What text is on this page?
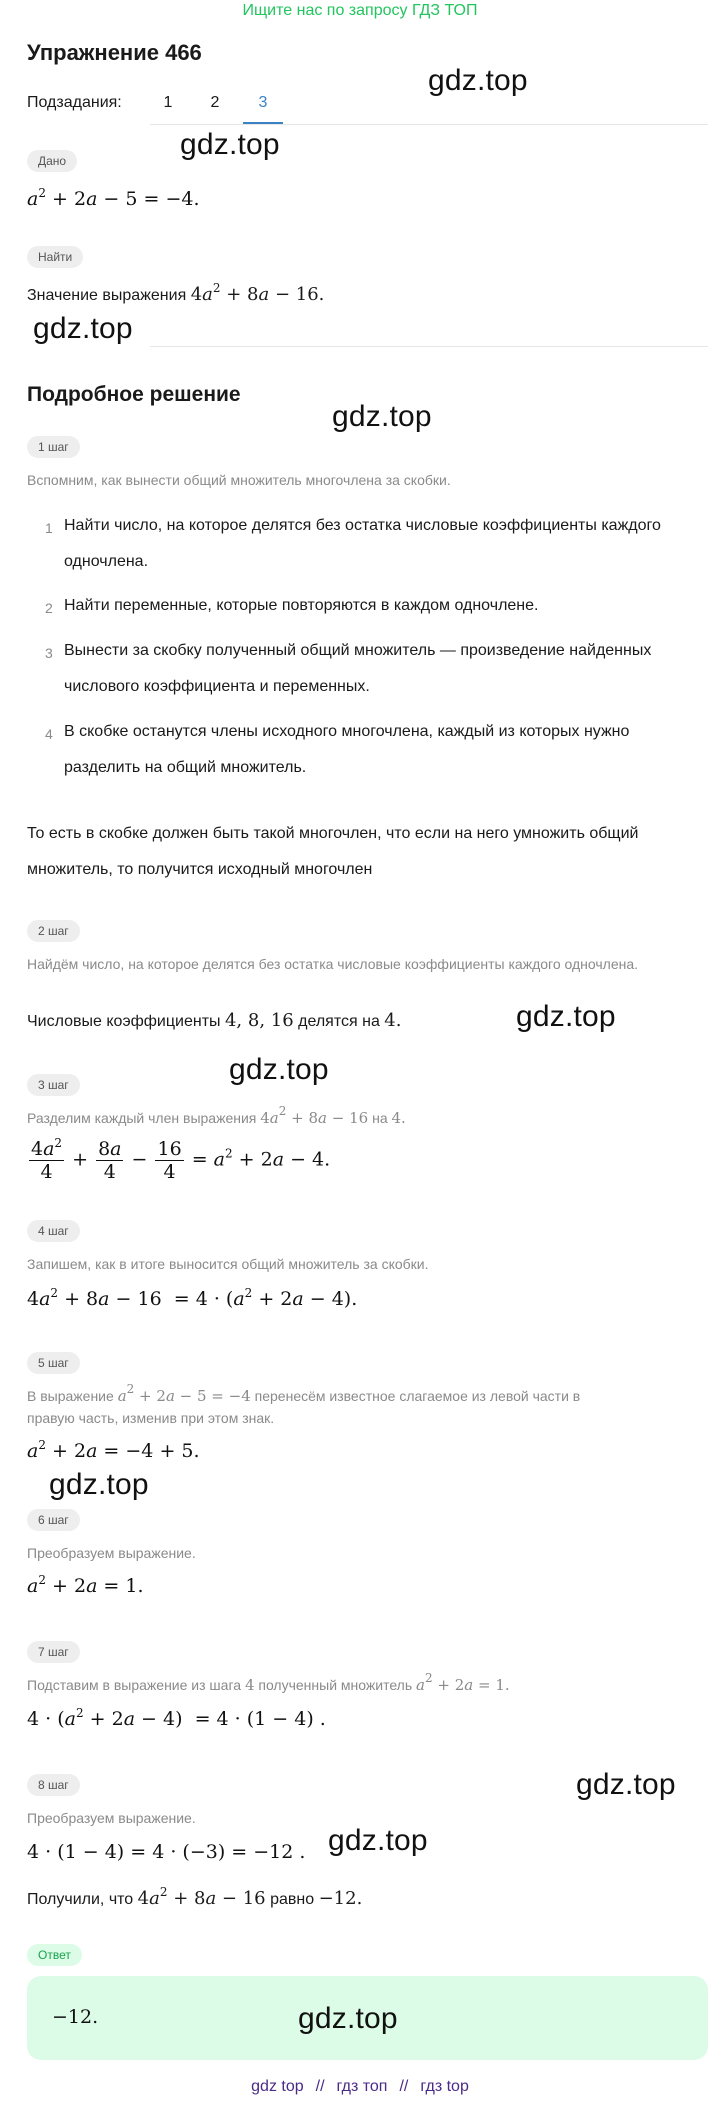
Ищите нас по запросу ГДЗ ТОП
Упражнение 466
Подзадания:	1	2	3
Дано
$a^2 + 2a - 5 = -4$.
Найти
Значение выражения $4a^2 + 8a - 16$.
Подробное решение
1 шаг
Вспомним, как вынести общий множитель многочлена за скобки.
1 Найти число, на которое делятся без остатка числовые коэффициенты каждого одночлена.
2 Найти переменные, которые повторяются в каждом одночлене.
3 Вынести за скобку полученный общий множитель — произведение найденных числового коэффициента и переменных.
4 В скобке останутся члены исходного многочлена, каждый из которых нужно разделить на общий множитель.
То есть в скобке должен быть такой многочлен, что если на него умножить общий множитель, то получится исходный многочлен
2 шаг
Найдём число, на которое делятся без остатка числовые коэффициенты каждого одночлена.
Числовые коэффициенты 4, 8, 16 делятся на 4.
3 шаг
Разделим каждый член выражения $4a^2 + 8a - 16$ на 4.
$\frac{4a^2}{4} + \frac{8a}{4} - \frac{16}{4} = a^2 + 2a - 4$.
4 шаг
Запишем, как в итоге выносится общий множитель за скобки.
$4a^2 + 8a - 16 = 4 \cdot (a^2 + 2a - 4)$.
5 шаг
В выражение $a^2 + 2a - 5 = -4$ перенесём известное слагаемое из левой части в
правую часть, изменив при этом знак.
$a^2 + 2a = -4 + 5$.
6 шаг
Преобразуем выражение.
$a^2 + 2a = 1$.
7 шаг
Подставим в выражение из шага 4 полученный множитель $a^2 + 2a = 1$.
$4 \cdot (a^2 + 2a - 4) = 4 \cdot (1 - 4)$ .
8 шаг
Преобразуем выражение.
4 · (1 − 4) = 4 · (−3) = −12 .
Получили, что $4a^2 + 8a - 16$ равно −12.
Ответ
−12.
gdz.top
gdz.top
gdz.top
gdz.top
gdz.top
gdz.top
gdz.top
gdz.top
gdz.top
gdz.top
gdz top // гдз топ // гдз top
